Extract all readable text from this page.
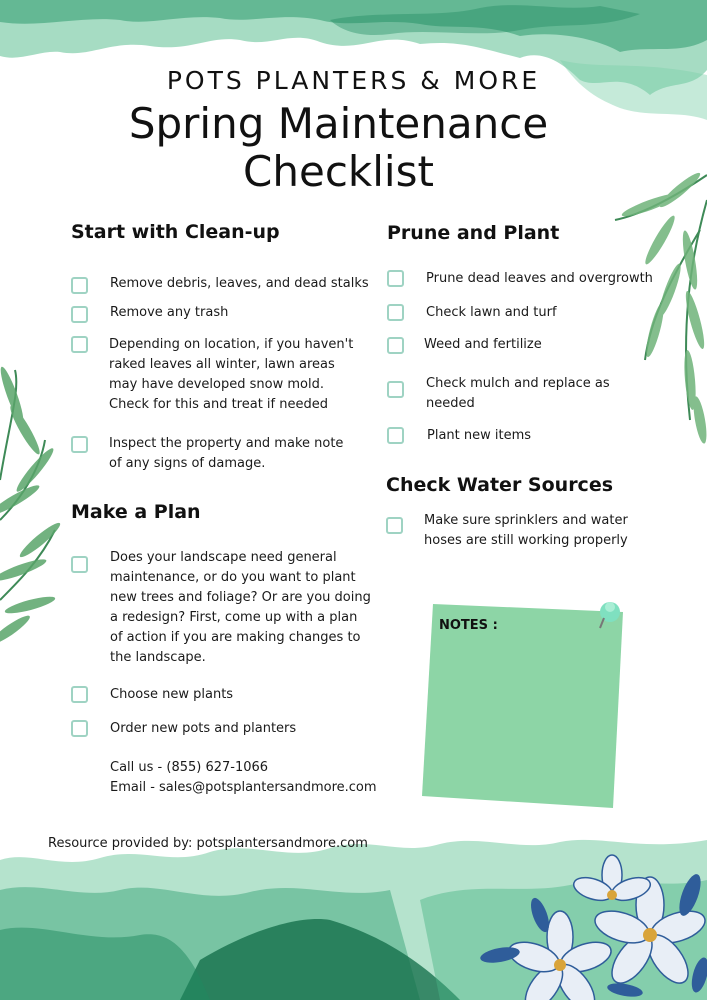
POTS PLANTERS & MORE
Spring Maintenance
Checklist
Start with Clean-up
Make a Plan
Prune and Plant
Check Water Sources
Remove debris, leaves, and dead stalks
Remove any trash
Depending on location, if you haven't
raked leaves all winter, lawn areas
may have developed snow mold.
Check for this and treat if needed
Inspect the property and make note
of any signs of damage.
Does your landscape need general
maintenance, or do you want to plant
new trees and foliage? Or are you doing
a redesign? First, come up with a plan
of action if you are making changes to
the landscape.
Choose new plants
Order new pots and planters
Call us - (855) 627-1066
Email - sales@potsplantersandmore.com
Prune dead leaves and overgrowth
Check lawn and turf
Weed and fertilize
Check mulch and replace as
needed
Plant new items
Make sure sprinklers and water
hoses are still working properly
NOTES :
Resource provided by: potsplantersandmore.com
